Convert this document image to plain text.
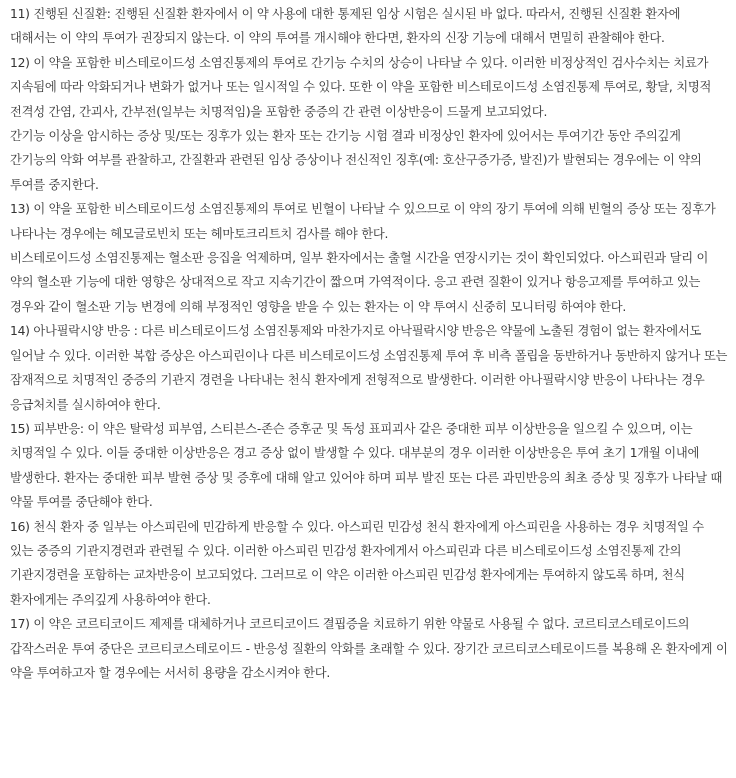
11) 진행된 신질환: 진행된 신질환 환자에서 이 약 사용에 대한 통제된 임상 시험은 실시된 바 없다. 따라서, 진행된 신질환 환자에 대해서는 이 약의 투여가 권장되지 않는다. 이 약의 투여를 개시해야 한다면, 환자의 신장 기능에 대해서 면밀히 관찰해야 한다.

12) 이 약을 포함한 비스테로이드성 소염진통제의 투여로 간기능 수치의 상승이 나타날 수 있다. 이러한 비정상적인 검사수치는 치료가 지속됨에 따라 악화되거나 변화가 없거나 또는 일시적일 수 있다. 또한 이 약을 포함한 비스테로이드성 소염진통제 투여로, 황달, 치명적 전격성 간염, 간괴사, 간부전(일부는 치명적임)을 포함한 중증의 간 관련 이상반응이 드물게 보고되었다.

간기능 이상을 암시하는 증상 및/또는 징후가 있는 환자 또는 간기능 시험 결과 비정상인 환자에 있어서는 투여기간 동안 주의깊게 간기능의 악화 여부를 관찰하고, 간질환과 관련된 임상 증상이나 전신적인 징후(예: 호산구증가증, 발진)가 발현되는 경우에는 이 약의 투여를 중지한다.

13) 이 약을 포함한 비스테로이드성 소염진통제의 투여로 빈혈이 나타날 수 있으므로 이 약의 장기 투여에 의해 빈혈의 증상 또는 징후가 나타나는 경우에는 헤모글로빈치 또는 헤마토크리트치 검사를 해야 한다.

비스테로이드성 소염진통제는 혈소판 응집을 억제하며, 일부 환자에서는 출혈 시간을 연장시키는 것이 확인되었다. 아스피린과 달리 이 약의 혈소판 기능에 대한 영향은 상대적으로 작고 지속기간이 짧으며 가역적이다. 응고 관련 질환이 있거나 항응고제를 투여하고 있는 경우와 같이 혈소판 기능 변경에 의해 부정적인 영향을 받을 수 있는 환자는 이 약 투여시 신중히 모니터링 하여야 한다.

14) 아나필락시양 반응 : 다른 비스테로이드성 소염진통제와 마찬가지로 아낙필락시양 반응은 약물에 노출된 경험이 없는 환자에서도 일어날 수 있다. 이러한 복합 증상은 아스피린이나 다른 비스테로이드성 소염진통제 투여 후 비측 폴립을 동반하거나 동반하지 않거나 또는 잠재적으로 치명적인 중증의 기관지 경련을 나타내는 천식 환자에게 전형적으로 발생한다. 이러한 아나필락시양 반응이 나타나는 경우 응급처치를 실시하여야 한다.

15) 피부반응: 이 약은 탈락성 피부염, 스티븐스-존슨 증후군 및 독성 표피괴사 같은 중대한 피부 이상반응을 일으킬 수 있으며, 이는 치명적일 수 있다. 이들 중대한 이상반응은 경고 증상 없이 발생할 수 있다. 대부분의 경우 이러한 이상반응은 투여 초기 1개월 이내에 발생한다. 환자는 중대한 피부 발현 증상 및 증후에 대해 알고 있어야 하며 피부 발진 또는 다른 과민반응의 최초 증상 및 징후가 나타날 때 약물 투여를 중단해야 한다.

16) 천식 환자 중 일부는 아스피린에 민감하게 반응할 수 있다. 아스피린 민감성 천식 환자에게 아스피린을 사용하는 경우 치명적일 수 있는 중증의 기관지경련과 관련될 수 있다. 이러한 아스피린 민감성 환자에게서 아스피린과 다른 비스테로이드성 소염진통제 간의 기관지경련을 포함하는 교차반응이 보고되었다. 그러므로 이 약은 이러한 아스피린 민감성 환자에게는 투여하지 않도록 하며, 천식 환자에게는 주의깊게 사용하여야 한다.

17) 이 약은 코르티코이드 제제를 대체하거나 코르티코이드 결핍증을 치료하기 위한 약물로 사용될 수 없다. 코르티코스테로이드의 갑작스러운 투여 중단은 코르티코스테로이드 - 반응성 질환의 악화를 초래할 수 있다. 장기간 코르티코스테로이드를 복용해 온 환자에게 이 약을 투여하고자 할 경우에는 서서히 용량을 감소시켜야 한다.
